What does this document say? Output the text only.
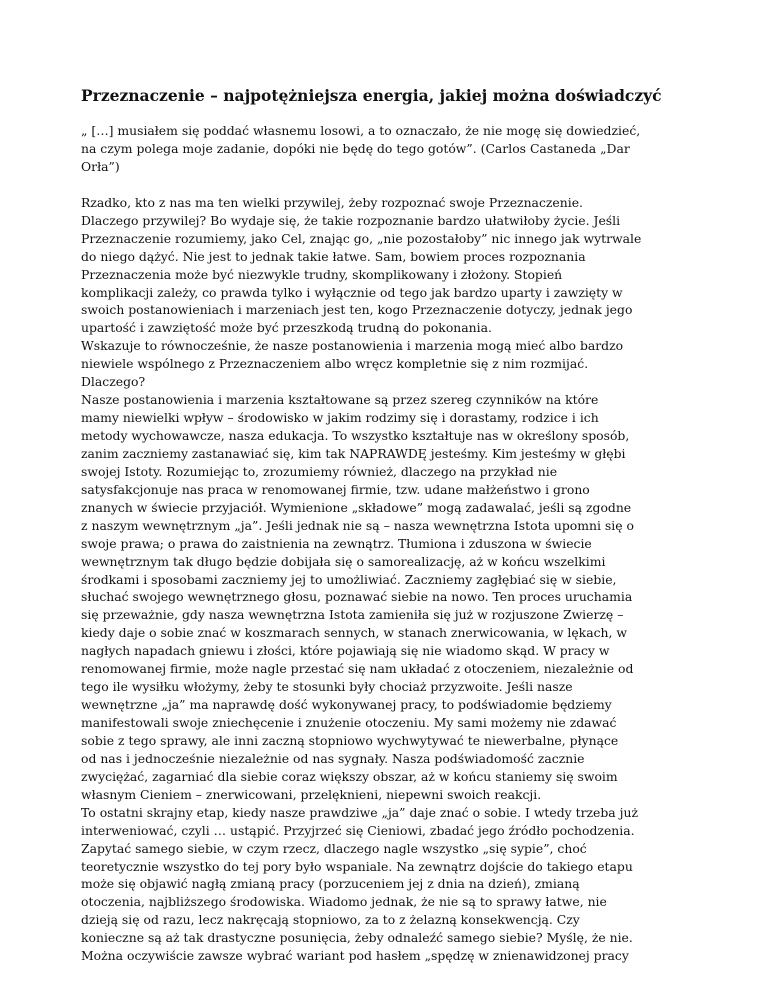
Przeznaczenie – najpotężniejsza energia, jakiej można doświadczyć
„ […] musiałem się poddać własnemu losowi, a to oznaczało, że nie mogę się dowiedzieć,
na czym polega moje zadanie, dopóki nie będę do tego gotów”. (Carlos Castaneda „Dar
Orła”)
Rzadko, kto z nas ma ten wielki przywilej, żeby rozpoznać swoje Przeznaczenie.
Dlaczego przywilej? Bo wydaje się, że takie rozpoznanie bardzo ułatwiłoby życie. Jeśli
Przeznaczenie rozumiemy, jako Cel, znając go, „nie pozostałoby” nic innego jak wytrwale
do niego dążyć. Nie jest to jednak takie łatwe. Sam, bowiem proces rozpoznania
Przeznaczenia może być niezwykle trudny, skomplikowany i złożony. Stopień
komplikacji zależy, co prawda tylko i wyłącznie od tego jak bardzo uparty i zawzięty w
swoich postanowieniach i marzeniach jest ten, kogo Przeznaczenie dotyczy, jednak jego
upartość i zawziętość może być przeszkodą trudną do pokonania.
Wskazuje to równocześnie, że nasze postanowienia i marzenia mogą mieć albo bardzo
niewiele wspólnego z Przeznaczeniem albo wręcz kompletnie się z nim rozmijać.
Dlaczego?
Nasze postanowienia i marzenia kształtowane są przez szereg czynników na które
mamy niewielki wpływ – środowisko w jakim rodzimy się i dorastamy, rodzice i ich
metody wychowawcze, nasza edukacja. To wszystko kształtuje nas w określony sposób,
zanim zaczniemy zastanawiać się, kim tak NAPRAWDĘ jesteśmy. Kim jesteśmy w głębi
swojej Istoty. Rozumiejąc to, zrozumiemy również, dlaczego na przykład nie
satysfakcjonuje nas praca w renomowanej firmie, tzw. udane małżeństwo i grono
znanych w świecie przyjaciół. Wymienione „składowe” mogą zadawalać, jeśli są zgodne
z naszym wewnętrznym „ja”. Jeśli jednak nie są – nasza wewnętrzna Istota upomni się o
swoje prawa; o prawa do zaistnienia na zewnątrz. Tłumiona i zduszona w świecie
wewnętrznym tak długo będzie dobijała się o samorealizację, aż w końcu wszelkimi
środkami i sposobami zaczniemy jej to umożliwiać. Zaczniemy zagłębiać się w siebie,
słuchać swojego wewnętrznego głosu, poznawać siebie na nowo. Ten proces uruchamia
się przeważnie, gdy nasza wewnętrzna Istota zamieniła się już w rozjuszone Zwierzę –
kiedy daje o sobie znać w koszmarach sennych, w stanach znerwicowania, w lękach, w
nagłych napadach gniewu i złości, które pojawiają się nie wiadomo skąd. W pracy w
renomowanej firmie, może nagle przestać się nam układać z otoczeniem, niezależnie od
tego ile wysiłku włożymy, żeby te stosunki były chociaż przyzwoite. Jeśli nasze
wewnętrzne „ja” ma naprawdę dość wykonywanej pracy, to podświadomie będziemy
manifestowali swoje zniechęcenie i znużenie otoczeniu. My sami możemy nie zdawać
sobie z tego sprawy, ale inni zaczną stopniowo wychwytywać te niewerbalne, płynące
od nas i jednocześnie niezależnie od nas sygnały. Nasza podświadomość zacznie
zwyciężać, zagarniać dla siebie coraz większy obszar, aż w końcu staniemy się swoim
własnym Cieniem – znerwicowani, przelęknieni, niepewni swoich reakcji.
To ostatni skrajny etap, kiedy nasze prawdziwe „ja” daje znać o sobie. I wtedy trzeba już
interweniować, czyli … ustąpić. Przyjrzeć się Cieniowi, zbadać jego źródło pochodzenia.
Zapytać samego siebie, w czym rzecz, dlaczego nagle wszystko „się sypie”, choć
teoretycznie wszystko do tej pory było wspaniale. Na zewnątrz dojście do takiego etapu
może się objawić nagłą zmianą pracy (porzuceniem jej z dnia na dzień), zmianą
otoczenia, najbliższego środowiska. Wiadomo jednak, że nie są to sprawy łatwe, nie
dzieją się od razu, lecz nakręcają stopniowo, za to z żelazną konsekwencją. Czy
konieczne są aż tak drastyczne posunięcia, żeby odnaleźć samego siebie? Myślę, że nie.
Można oczywiście zawsze wybrać wariant pod hasłem „spędzę w znienawidzonej pracy
